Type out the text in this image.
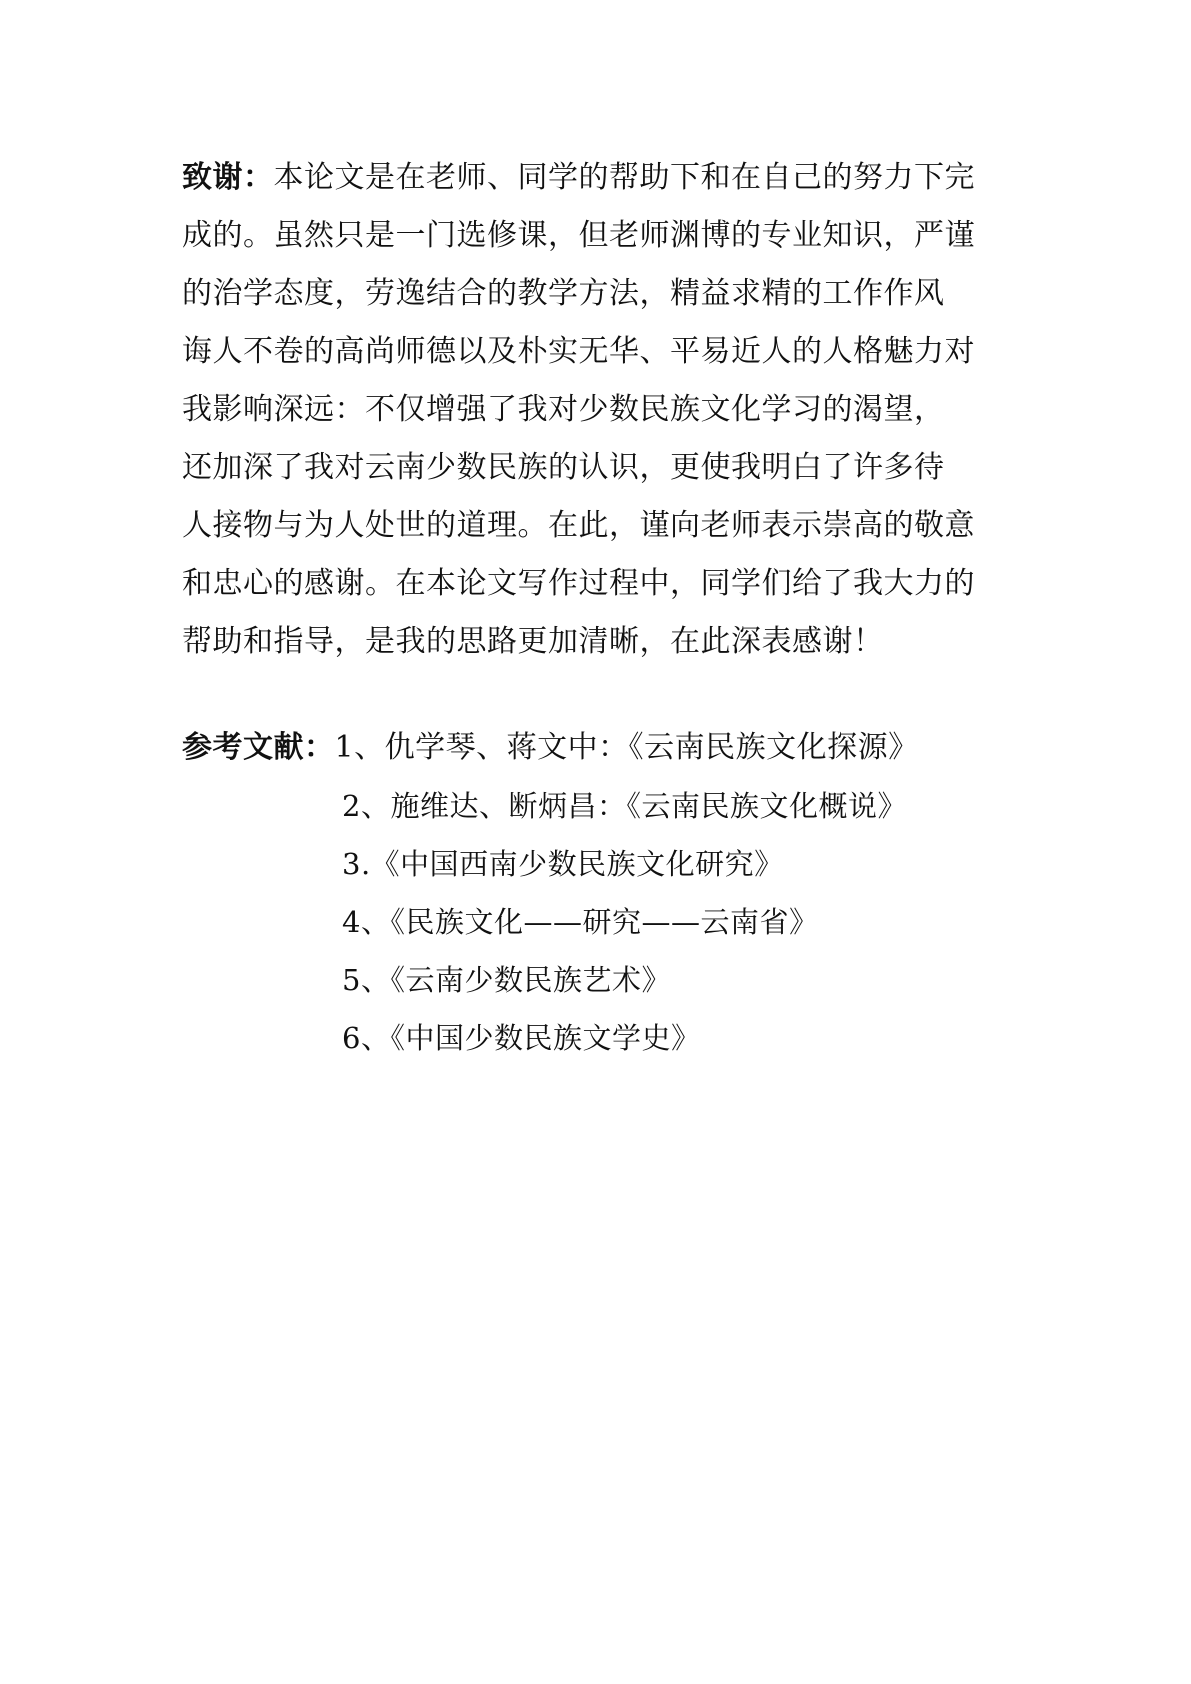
致谢：本论文是在老师、同学的帮助下和在自己的努力下完
成的。虽然只是一门选修课，但老师渊博的专业知识，严谨
的治学态度，劳逸结合的教学方法，精益求精的工作作风
诲人不卷的高尚师德以及朴实无华、平易近人的人格魅力对
我影响深远：不仅增强了我对少数民族文化学习的渴望，
还加深了我对云南少数民族的认识，更使我明白了许多待
人接物与为人处世的道理。在此，谨向老师表示崇高的敬意
和忠心的感谢。在本论文写作过程中，同学们给了我大力的
帮助和指导，是我的思路更加清晰，在此深表感谢！
参考文献：1、仇学琴、蒋文中：《云南民族文化探源》
2、施维达、断炳昌：《云南民族文化概说》
3.《中国西南少数民族文化研究》
4、《民族文化——研究——云南省》
5、《云南少数民族艺术》
6、《中国少数民族文学史》
